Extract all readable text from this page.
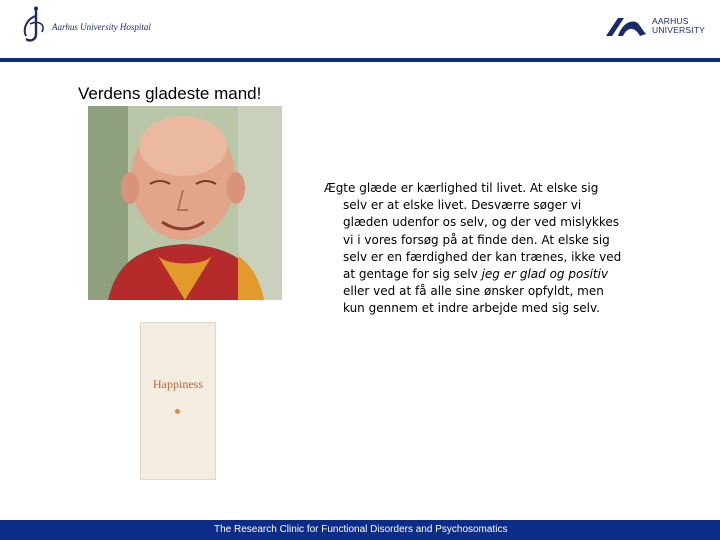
Aarhus University Hospital
AARHUS
UNIVERSITY
Verdens gladeste mand!
Happiness

Ægte glæde er kærlighed til livet. At elske sig selv er at elske livet. Desværre søger vi glæden udenfor os selv, og der ved mislykkes vi i vores forsøg på at finde den. At elske sig selv er en færdighed der kan trænes, ikke ved at gentage for sig selv jeg er glad og positiv eller ved at få alle sine ønsker opfyldt, men kun gennem et indre arbejde med sig selv.

The Research Clinic for Functional Disorders and Psychosomatics
